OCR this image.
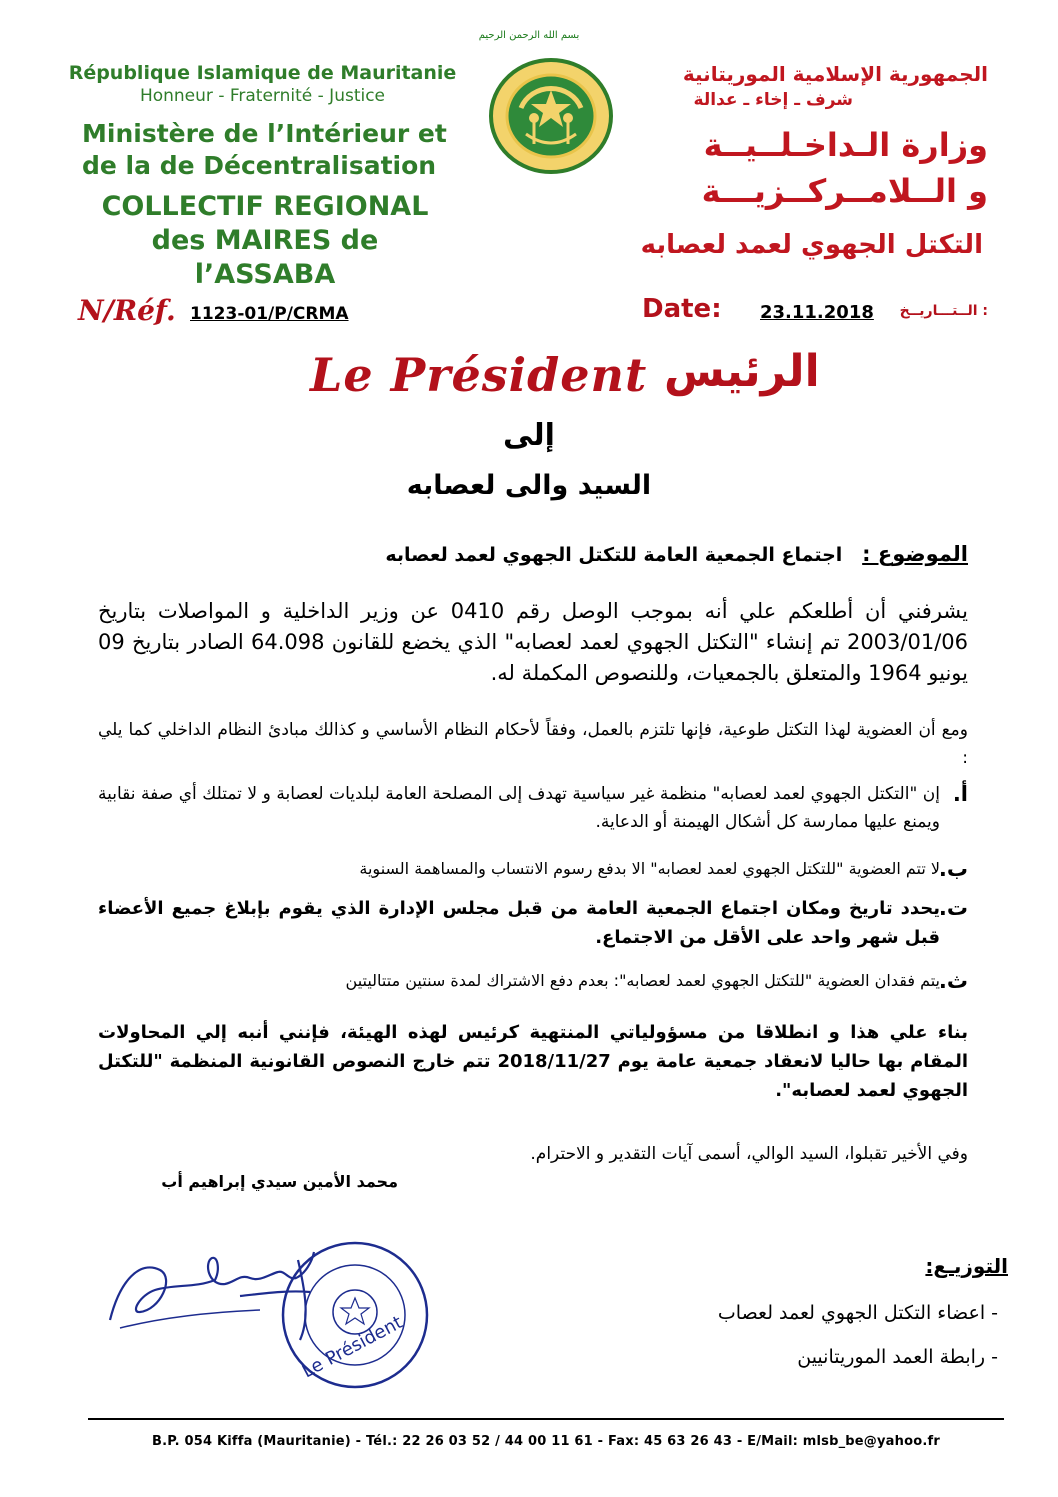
بسم الله الرحمن الرحيم
République Islamique de Mauritanie
Honneur - Fraternité - Justice
Ministère de l’Intérieur et
de la de Décentralisation
COLLECTIF REGIONAL
des MAIRES de l’ASSABA
الجمهورية الإسلامية الموريتانية
شرف ـ إخاء ـ عدالة
وزارة الـداخـلــيــة
و الــلامــركــزيـــة
التكتل الجهوي لعمد لعصابه
N/Réf. 1123-01/P/CRMA	Date: 23.11.2018 : الــتـــاريــخ
Le Président الرئيس
إلى
السيد والى لعصابه
الموضوع :   اجتماع الجمعية العامة للتكتل الجهوي لعمد لعصابه
يشرفني أن أطلعكم علي أنه بموجب الوصل رقم 0410 عن وزير الداخلية و المواصلات بتاريخ 2003/01/06 تم إنشاء "التكتل الجهوي لعمد لعصابه" الذي يخضع للقانون 64.098 الصادر بتاريخ 09 يونيو 1964 والمتعلق بالجمعيات، وللنصوص المكملة له.
ومع أن العضوية لهذا التكتل طوعية، فإنها تلتزم بالعمل، وفقاً لأحكام النظام الأساسي و كذالك مبادئ النظام الداخلي كما يلي :
أ.
إن "التكتل الجهوي لعمد لعصابه" منظمة غير سياسية تهدف إلى المصلحة العامة لبلديات لعصابة و لا تمتلك أي صفة نقابية ويمنع عليها ممارسة كل أشكال الهيمنة أو الدعاية.
ب.
لا تتم العضوية "للتكتل الجهوي لعمد لعصابه" الا بدفع رسوم الانتساب والمساهمة السنوية
ت.
يحدد تاريخ ومكان اجتماع الجمعية العامة من قبل مجلس الإدارة الذي يقوم بإبلاغ جميع الأعضاء قبل شهر واحد على الأقل من الاجتماع.
ث.
يتم فقدان العضوية "للتكتل الجهوي لعمد لعصابه": بعدم دفع الاشتراك لمدة سنتين متتاليتين
بناء علي هذا و انطلاقا من مسؤولياتي المنتهية كرئيس لهذه الهيئة، فإنني أنبه إلي المحاولات المقام بها حاليا لانعقاد جمعية عامة يوم 2018/11/27 تتم خارج النصوص القانونية المنظمة "للتكتل الجهوي لعمد لعصابه".
وفي الأخير تقبلوا، السيد الوالي، أسمى آيات التقدير و الاحترام.
محمد الأمين سيدي إبراهيم أب
Le Président
التوزيـع:
- اعضاء التكتل الجهوي لعمد لعصاب
- رابطة العمد الموريتانيين
B.P. 054 Kiffa (Mauritanie) - Tél.: 22 26 03 52 / 44 00 11 61 - Fax: 45 63 26 43 - E/Mail: mlsb_be@yahoo.fr
